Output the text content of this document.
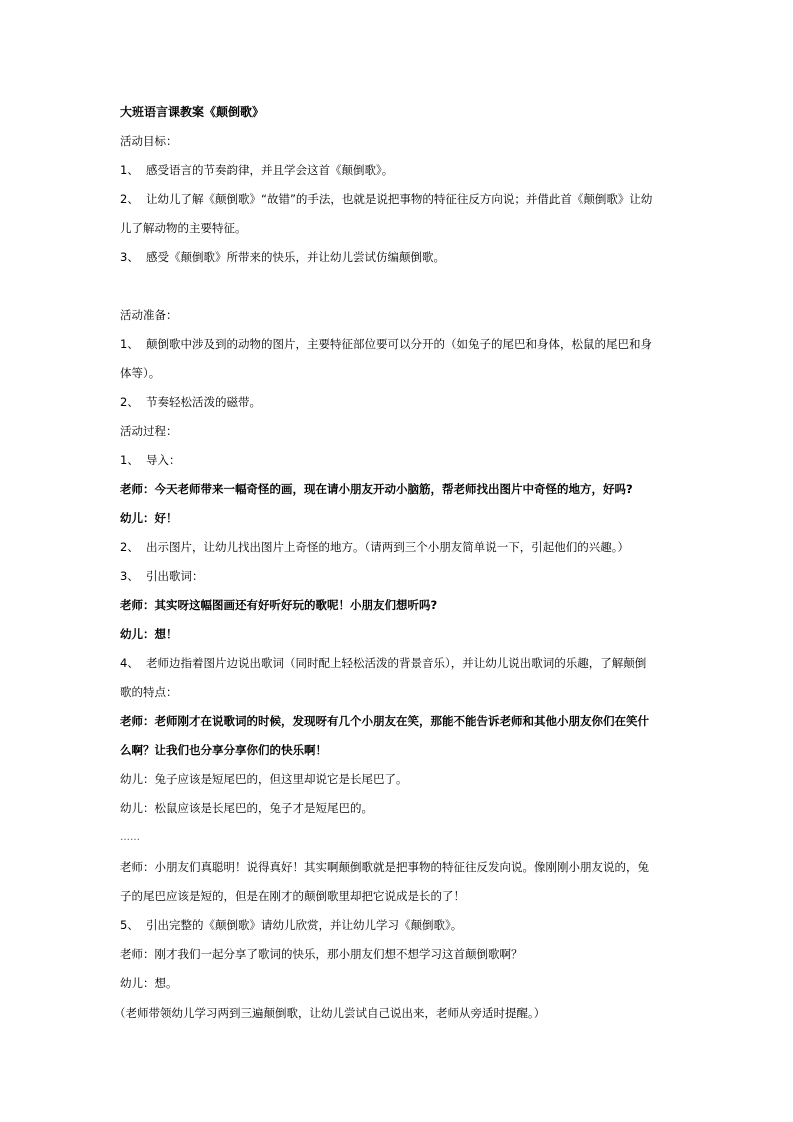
大班语言课教案《颠倒歌》
活动目标：
1、 感受语言的节奏韵律，并且学会这首《颠倒歌》。
2、 让幼儿了解《颠倒歌》“故错”的手法，也就是说把事物的特征往反方向说；并借此首《颠倒歌》让幼
儿了解动物的主要特征。
3、 感受《颠倒歌》所带来的快乐，并让幼儿尝试仿编颠倒歌。
活动准备：
1、 颠倒歌中涉及到的动物的图片，主要特征部位要可以分开的（如兔子的尾巴和身体，松鼠的尾巴和身
体等）。
2、 节奏轻松活泼的磁带。
活动过程：
1、 导入：
老师：今天老师带来一幅奇怪的画，现在请小朋友开动小脑筋，帮老师找出图片中奇怪的地方，好吗?
幼儿：好！
2、 出示图片，让幼儿找出图片上奇怪的地方。（请两到三个小朋友简单说一下，引起他们的兴趣。）
3、 引出歌词：
老师：其实呀这幅图画还有好听好玩的歌呢！小朋友们想听吗?
幼儿：想！
4、 老师边指着图片边说出歌词（同时配上轻松活泼的背景音乐），并让幼儿说出歌词的乐趣，了解颠倒
歌的特点：
老师：老师刚才在说歌词的时候，发现呀有几个小朋友在笑，那能不能告诉老师和其他小朋友你们在笑什
么啊？让我们也分享分享你们的快乐啊！
幼儿：兔子应该是短尾巴的，但这里却说它是长尾巴了。
幼儿：松鼠应该是长尾巴的，兔子才是短尾巴的。
……
老师：小朋友们真聪明！说得真好！其实啊颠倒歌就是把事物的特征往反发向说。像刚刚小朋友说的，兔
子的尾巴应该是短的，但是在刚才的颠倒歌里却把它说成是长的了！
5、 引出完整的《颠倒歌》请幼儿欣赏，并让幼儿学习《颠倒歌》。
老师：刚才我们一起分享了歌词的快乐，那小朋友们想不想学习这首颠倒歌啊？
幼儿：想。
（老师带领幼儿学习两到三遍颠倒歌，让幼儿尝试自己说出来，老师从旁适时提醒。）
